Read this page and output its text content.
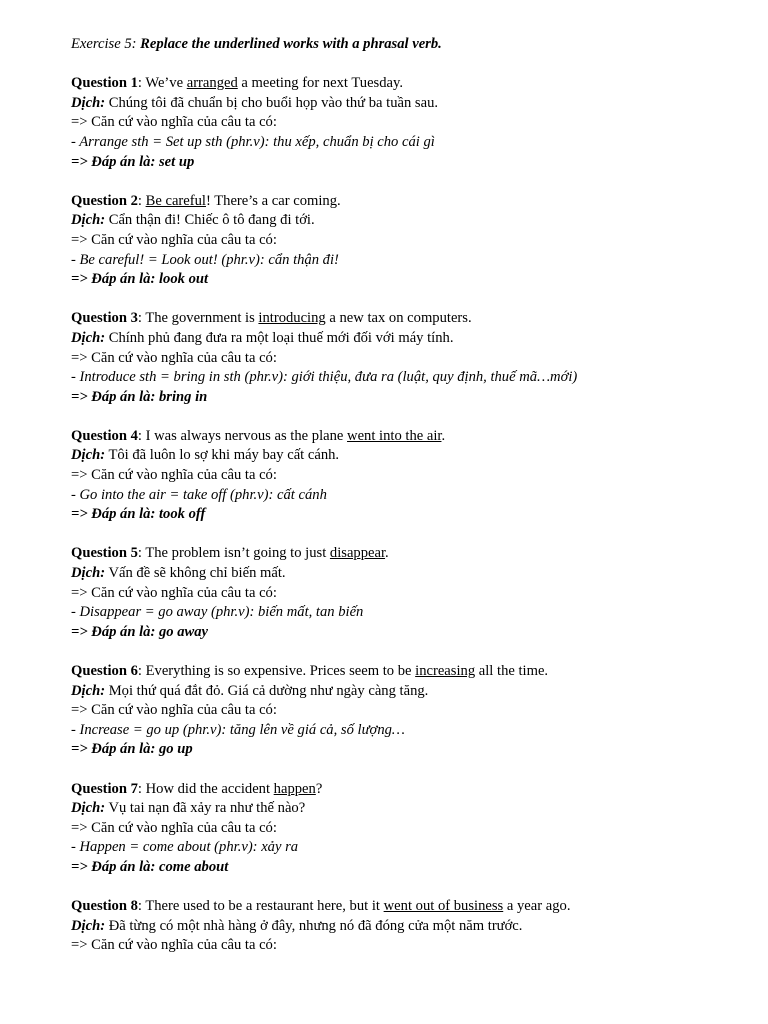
Exercise 5: Replace the underlined works with a phrasal verb.
Question 1: We’ve arranged a meeting for next Tuesday.
Dịch: Chúng tôi đã chuẩn bị cho buổi họp vào thứ ba tuần sau.
=> Căn cứ vào nghĩa của câu ta có:
- Arrange sth = Set up sth (phr.v): thu xếp, chuẩn bị cho cái gì
=> Đáp án là: set up
Question 2: Be careful! There’s a car coming.
Dịch: Cẩn thận đi! Chiếc ô tô đang đi tới.
=> Căn cứ vào nghĩa của câu ta có:
- Be careful! = Look out! (phr.v): cẩn thận đi!
=> Đáp án là: look out
Question 3: The government is introducing a new tax on computers.
Dịch: Chính phủ đang đưa ra một loại thuế mới đối với máy tính.
=> Căn cứ vào nghĩa của câu ta có:
- Introduce sth = bring in sth (phr.v): giới thiệu, đưa ra (luật, quy định, thuế mã…mới)
=> Đáp án là: bring in
Question 4: I was always nervous as the plane went into the air.
Dịch: Tôi đã luôn lo sợ khi máy bay cất cánh.
=> Căn cứ vào nghĩa của câu ta có:
- Go into the air = take off (phr.v): cất cánh
=> Đáp án là: took off
Question 5: The problem isn’t going to just disappear.
Dịch: Vấn đề sẽ không chỉ biến mất.
=> Căn cứ vào nghĩa của câu ta có:
- Disappear = go away (phr.v): biến mất, tan biến
=> Đáp án là: go away
Question 6: Everything is so expensive. Prices seem to be increasing all the time.
Dịch: Mọi thứ quá đắt đỏ. Giá cả dường như ngày càng tăng.
=> Căn cứ vào nghĩa của câu ta có:
- Increase = go up (phr.v): tăng lên về giá cả, số lượng…
=> Đáp án là: go up
Question 7: How did the accident happen?
Dịch: Vụ tai nạn đã xảy ra như thế nào?
=> Căn cứ vào nghĩa của câu ta có:
- Happen = come about (phr.v): xảy ra
=> Đáp án là: come about
Question 8: There used to be a restaurant here, but it went out of business a year ago.
Dịch: Đã từng có một nhà hàng ở đây, nhưng nó đã đóng cửa một năm trước.
=> Căn cứ vào nghĩa của câu ta có:
